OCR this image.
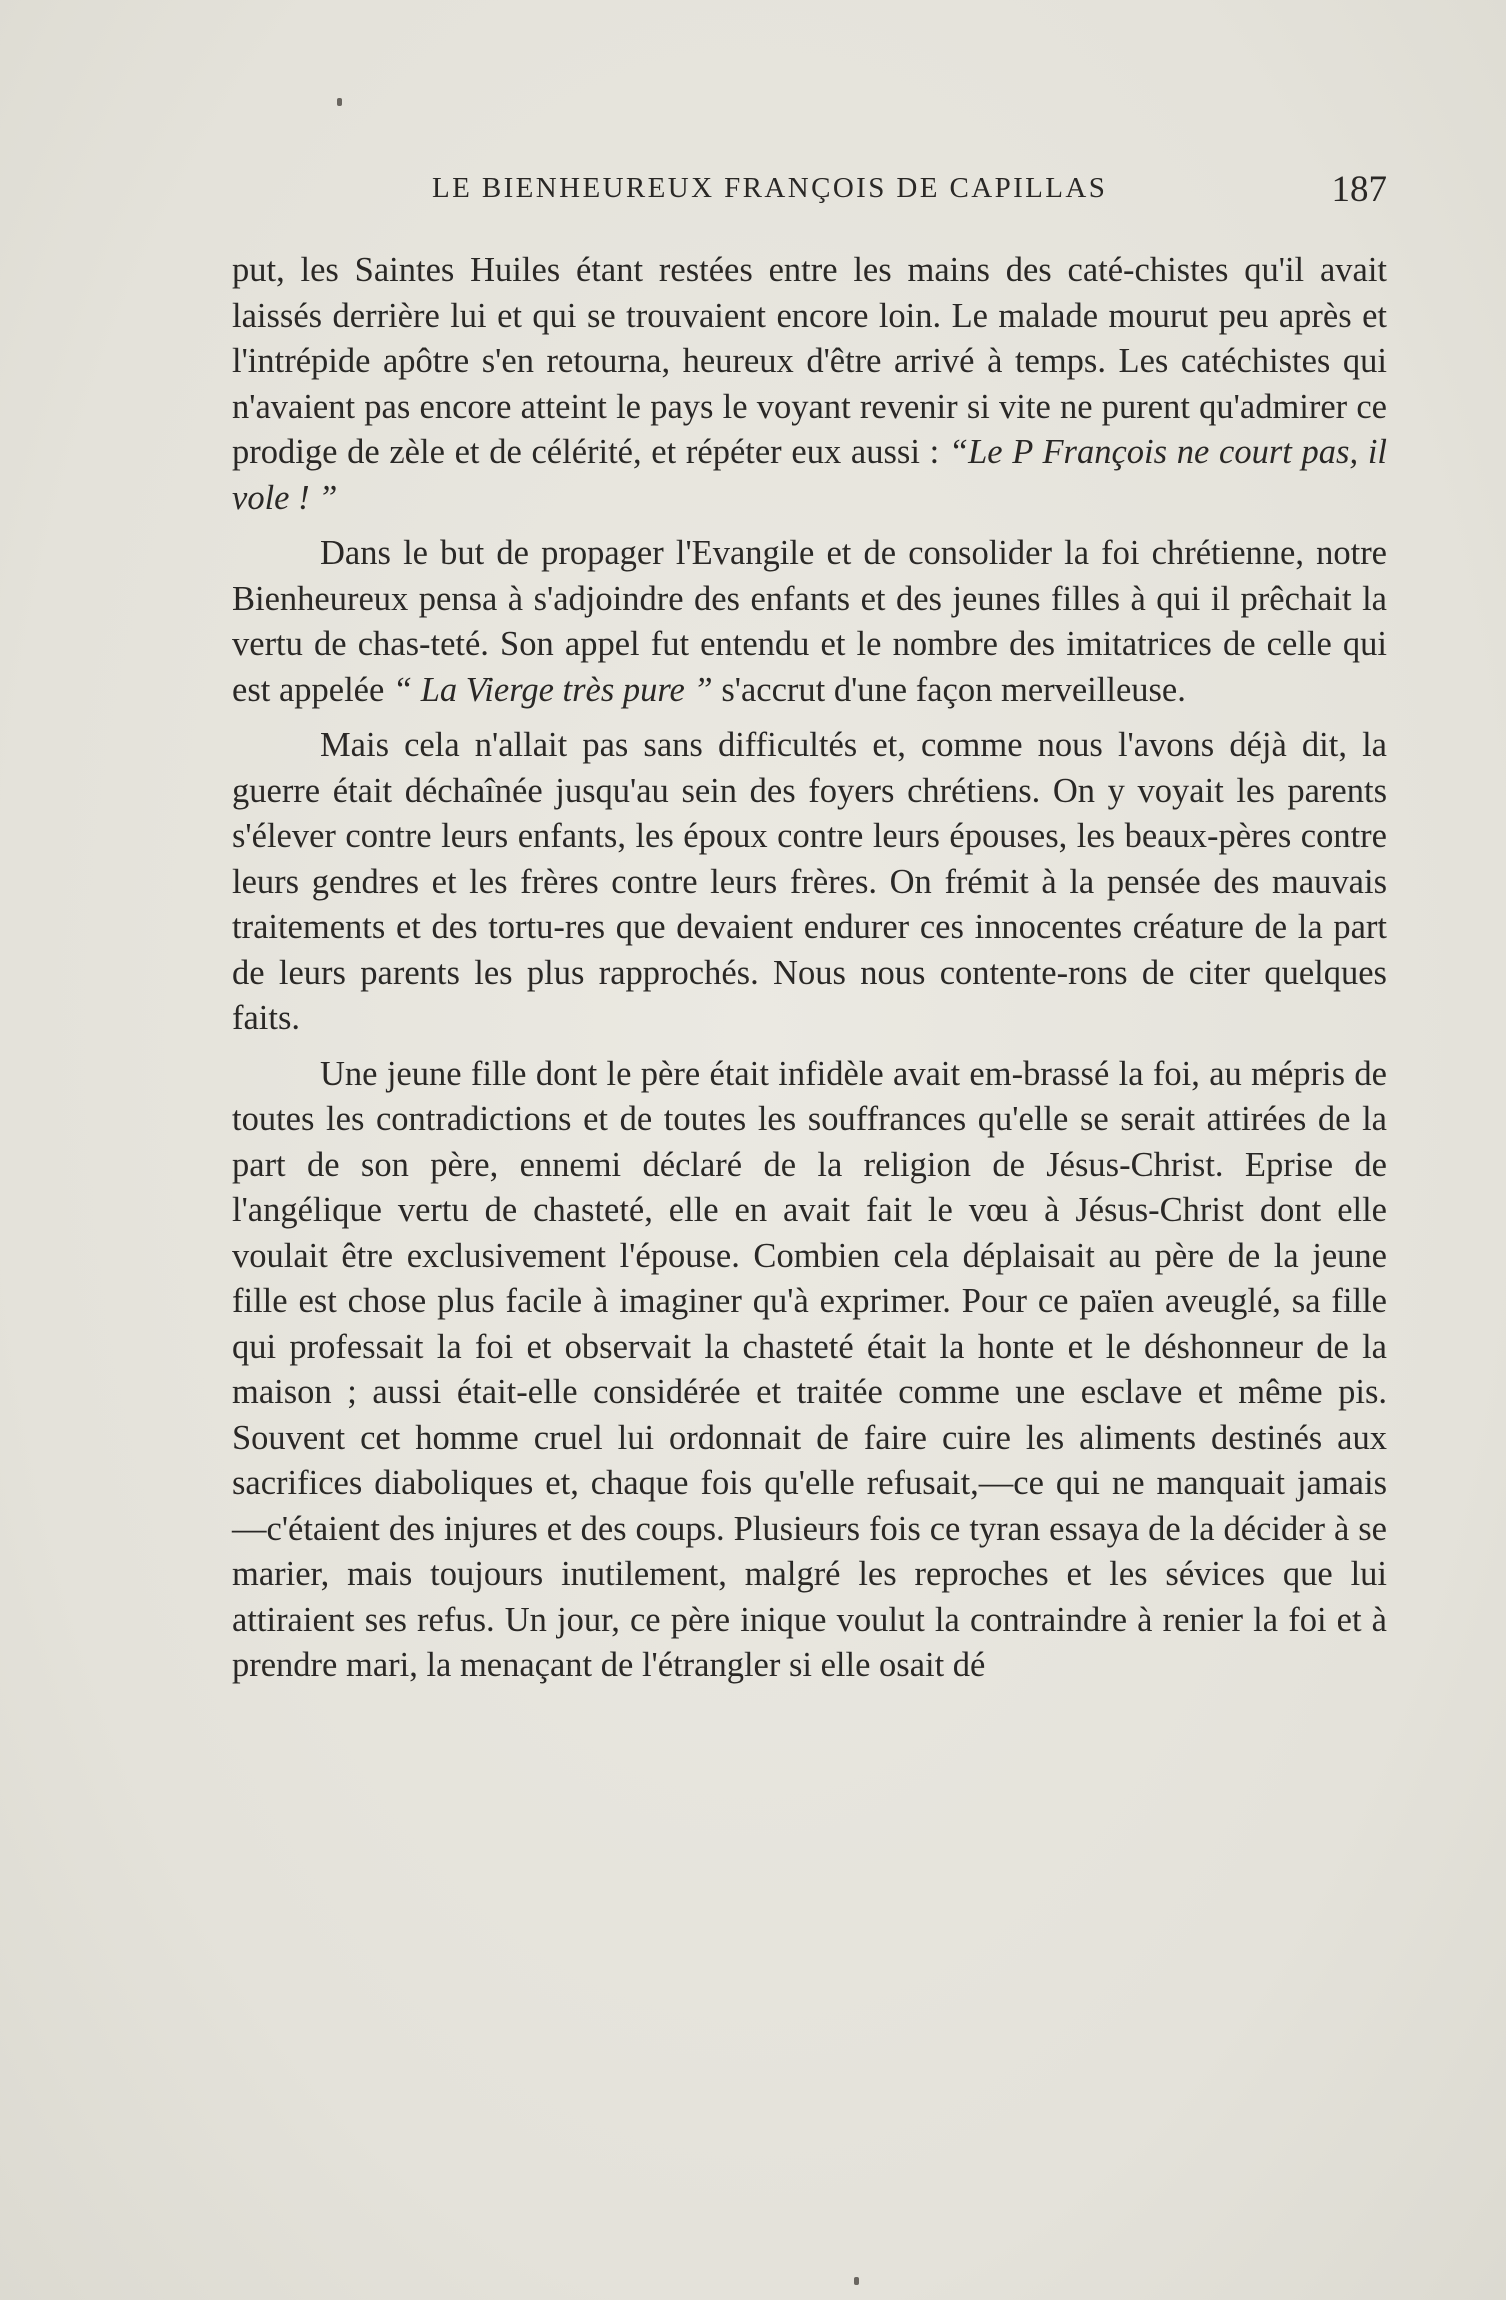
LE BIENHEUREUX FRANÇOIS DE CAPILLAS	187

put, les Saintes Huiles étant restées entre les mains des caté-chistes qu'il avait laissés derrière lui et qui se trouvaient encore loin. Le malade mourut peu après et l'intrépide apôtre s'en retourna, heureux d'être arrivé à temps. Les catéchistes qui n'avaient pas encore atteint le pays le voyant revenir si vite ne purent qu'admirer ce prodige de zèle et de célérité, et répéter eux aussi : “Le P François ne court pas, il vole ! ”

Dans le but de propager l'Evangile et de consolider la foi chrétienne, notre Bienheureux pensa à s'adjoindre des enfants et des jeunes filles à qui il prêchait la vertu de chas-teté. Son appel fut entendu et le nombre des imitatrices de celle qui est appelée “ La Vierge très pure ” s'accrut d'une façon merveilleuse.

Mais cela n'allait pas sans difficultés et, comme nous l'avons déjà dit, la guerre était déchaînée jusqu'au sein des foyers chrétiens. On y voyait les parents s'élever contre leurs enfants, les époux contre leurs épouses, les beaux-pères contre leurs gendres et les frères contre leurs frères. On frémit à la pensée des mauvais traitements et des tortu-res que devaient endurer ces innocentes créature de la part de leurs parents les plus rapprochés. Nous nous contente-rons de citer quelques faits.

Une jeune fille dont le père était infidèle avait em-brassé la foi, au mépris de toutes les contradictions et de toutes les souffrances qu'elle se serait attirées de la part de son père, ennemi déclaré de la religion de Jésus-Christ. Eprise de l'angélique vertu de chasteté, elle en avait fait le vœu à Jésus-Christ dont elle voulait être exclusivement l'épouse. Combien cela déplaisait au père de la jeune fille est chose plus facile à imaginer qu'à exprimer. Pour ce païen aveuglé, sa fille qui professait la foi et observait la chasteté était la honte et le déshonneur de la maison ; aussi était-elle considérée et traitée comme une esclave et même pis. Souvent cet homme cruel lui ordonnait de faire cuire les aliments destinés aux sacrifices diaboliques et, chaque fois qu'elle refusait,—ce qui ne manquait jamais—c'étaient des injures et des coups. Plusieurs fois ce tyran essaya de la décider à se marier, mais toujours inutilement, malgré les reproches et les sévices que lui attiraient ses refus. Un jour, ce père inique voulut la contraindre à renier la foi et à prendre mari, la menaçant de l'étrangler si elle osait dé
